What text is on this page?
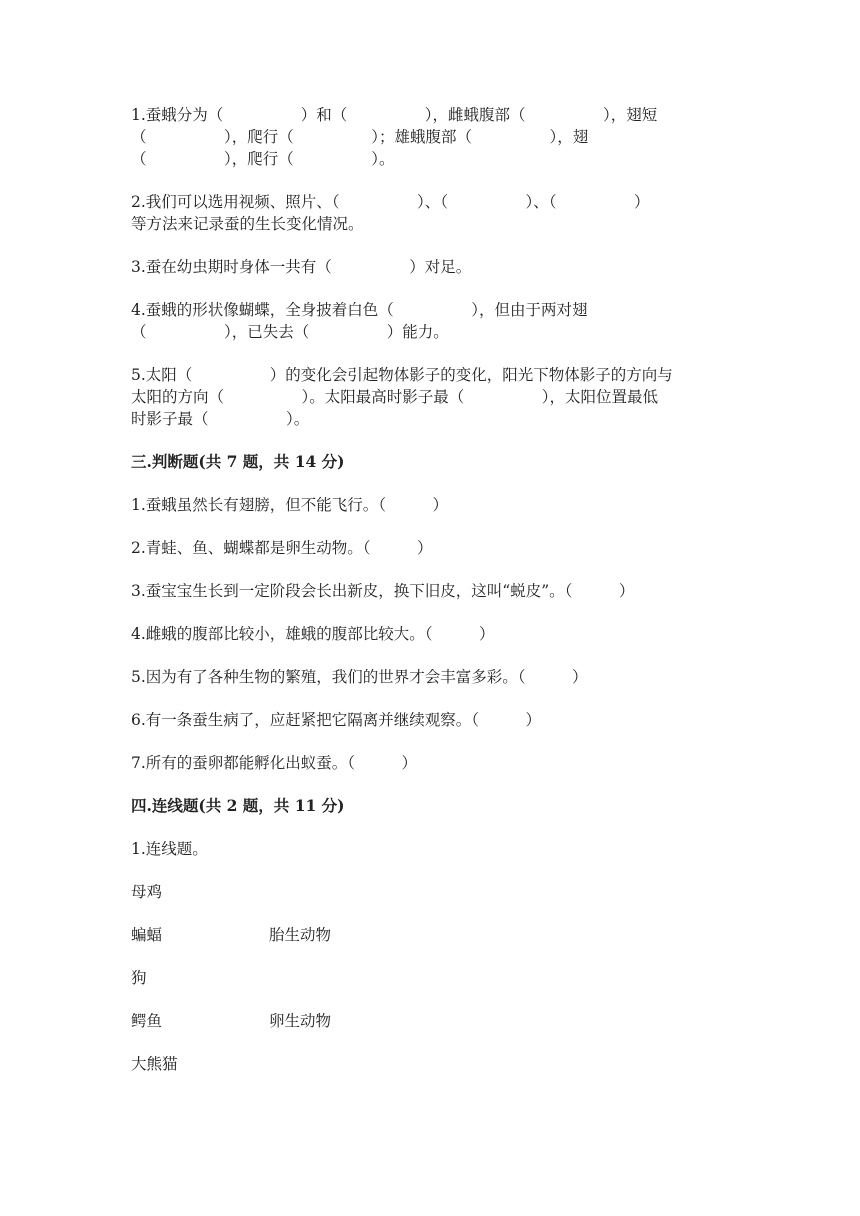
1.蚕蛾分为（　　　　　）和（　　　　　），雌蛾腹部（　　　　　），翅短
（　　　　　），爬行（　　　　　）；雄蛾腹部（　　　　　），翅
（　　　　　），爬行（　　　　　）。

2.我们可以选用视频、照片、（　　　　　）、（　　　　　）、（　　　　　）
等方法来记录蚕的生长变化情况。

3.蚕在幼虫期时身体一共有（　　　　　）对足。

4.蚕蛾的形状像蝴蝶，全身披着白色（　　　　　），但由于两对翅
（　　　　　），已失去（　　　　　）能力。

5.太阳（　　　　　）的变化会引起物体影子的变化，阳光下物体影子的方向与
太阳的方向（　　　　　）。太阳最高时影子最（　　　　　），太阳位置最低
时影子最（　　　　　）。

三.判断题(共 7 题，共 14 分)

1.蚕蛾虽然长有翅膀，但不能飞行。（　　　）

2.青蛙、鱼、蝴蝶都是卵生动物。（　　　）

3.蚕宝宝生长到一定阶段会长出新皮，换下旧皮，这叫“蜕皮”。（　　　）

4.雌蛾的腹部比较小，雄蛾的腹部比较大。（　　　）

5.因为有了各种生物的繁殖，我们的世界才会丰富多彩。（　　　）

6.有一条蚕生病了，应赶紧把它隔离并继续观察。（　　　）

7.所有的蚕卵都能孵化出蚁蚕。（　　　）

四.连线题(共 2 题，共 11 分)

1.连线题。

母鸡
蝙蝠	胎生动物
狗
鳄鱼	卵生动物
大熊猫
